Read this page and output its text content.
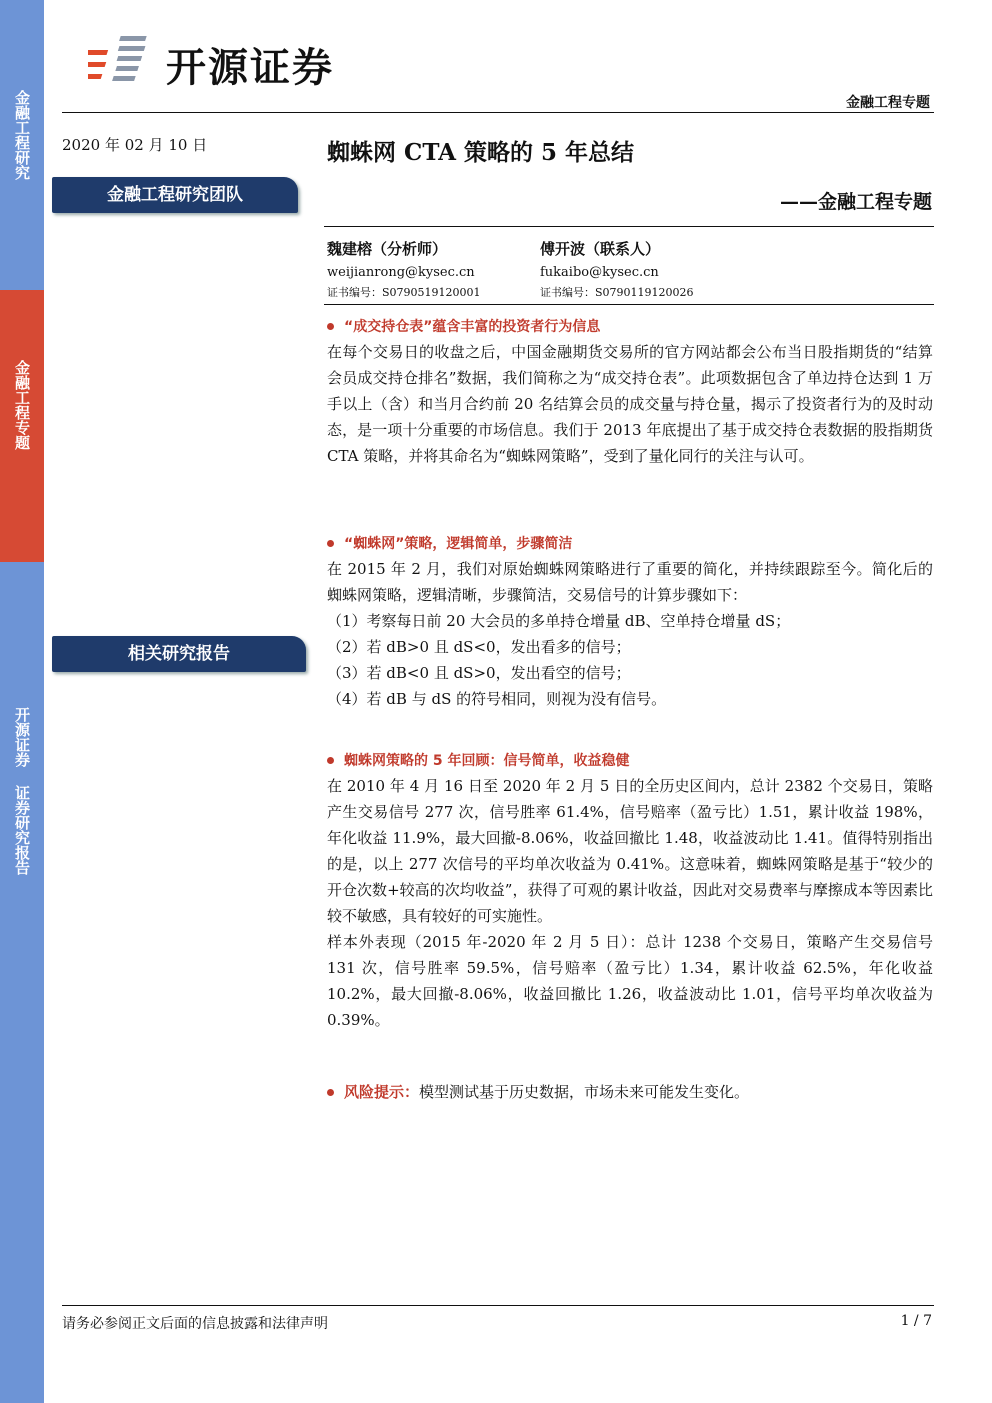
金融工程研究
金融工程专题
开源证券 证券研究报告
开源证券
金融工程专题
2020 年 02 月 10 日
金融工程研究团队
相关研究报告
蜘蛛网 CTA 策略的 5 年总结
——金融工程专题
魏建榕（分析师）
weijianrong@kysec.cn
证书编号：S0790519120001
傅开波（联系人）
fukaibo@kysec.cn
证书编号：S0790119120026
“成交持仓表”蕴含丰富的投资者行为信息

在每个交易日的收盘之后，中国金融期货交易所的官方网站都会公布当日股指期货的“结算会员成交持仓排名”数据，我们简称之为“成交持仓表”。此项数据包含了单边持仓达到 1 万手以上（含）和当月合约前 20 名结算会员的成交量与持仓量，揭示了投资者行为的及时动态，是一项十分重要的市场信息。我们于 2013 年底提出了基于成交持仓表数据的股指期货 CTA 策略，并将其命名为“蜘蛛网策略”，受到了量化同行的关注与认可。

“蜘蛛网”策略，逻辑简单，步骤简洁

在 2015 年 2 月，我们对原始蜘蛛网策略进行了重要的简化，并持续跟踪至今。简化后的蜘蛛网策略，逻辑清晰，步骤简洁，交易信号的计算步骤如下：

（1）考察每日前 20 大会员的多单持仓增量 dB、空单持仓增量 dS；

（2）若 dB>0 且 dS<0，发出看多的信号；

（3）若 dB<0 且 dS>0，发出看空的信号；

（4）若 dB 与 dS 的符号相同，则视为没有信号。

蜘蛛网策略的 5 年回顾：信号简单，收益稳健

在 2010 年 4 月 16 日至 2020 年 2 月 5 日的全历史区间内，总计 2382 个交易日，策略产生交易信号 277 次，信号胜率 61.4%，信号赔率（盈亏比）1.51，累计收益 198%，年化收益 11.9%，最大回撤-8.06%，收益回撤比 1.48，收益波动比 1.41。值得特别指出的是，以上 277 次信号的平均单次收益为 0.41%。这意味着，蜘蛛网策略是基于“较少的开仓次数+较高的次均收益”，获得了可观的累计收益，因此对交易费率与摩擦成本等因素比较不敏感，具有较好的可实施性。

样本外表现（2015 年-2020 年 2 月 5 日）：总计 1238 个交易日，策略产生交易信号 131 次，信号胜率 59.5%，信号赔率（盈亏比）1.34，累计收益 62.5%，年化收益 10.2%，最大回撤-8.06%，收益回撤比 1.26，收益波动比 1.01，信号平均单次收益为 0.39%。

风险提示：模型测试基于历史数据，市场未来可能发生变化。
请务必参阅正文后面的信息披露和法律声明	1 / 7
